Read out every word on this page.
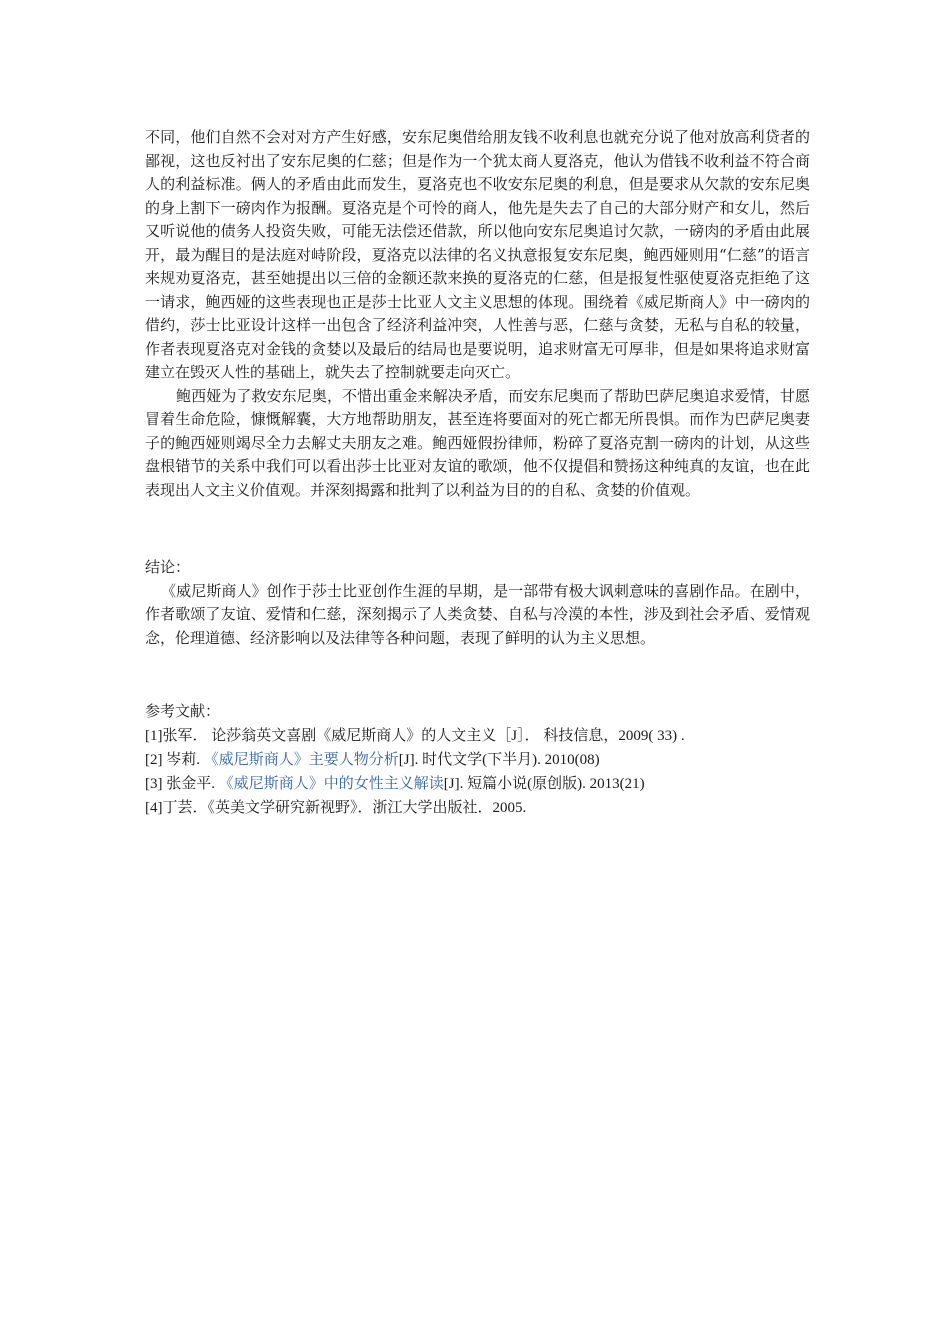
不同，他们自然不会对对方产生好感，安东尼奥借给朋友钱不收利息也就充分说了他对放高利贷者的鄙视，这也反衬出了安东尼奥的仁慈；但是作为一个犹太商人夏洛克，他认为借钱不收利益不符合商人的利益标准。俩人的矛盾由此而发生，夏洛克也不收安东尼奥的利息，但是要求从欠款的安东尼奥的身上割下一磅肉作为报酬。夏洛克是个可怜的商人，他先是失去了自己的大部分财产和女儿，然后又听说他的债务人投资失败，可能无法偿还借款，所以他向安东尼奥追讨欠款，一磅肉的矛盾由此展开，最为醒目的是法庭对峙阶段，夏洛克以法律的名义执意报复安东尼奥，鲍西娅则用“仁慈”的语言来规劝夏洛克，甚至她提出以三倍的金额还款来换的夏洛克的仁慈，但是报复性驱使夏洛克拒绝了这一请求，鲍西娅的这些表现也正是莎士比亚人文主义思想的体现。围绕着《威尼斯商人》中一磅肉的借约，莎士比亚设计这样一出包含了经济利益冲突，人性善与恶，仁慈与贪婪，无私与自私的较量，作者表现夏洛克对金钱的贪婪以及最后的结局也是要说明，追求财富无可厚非，但是如果将追求财富建立在毁灭人性的基础上，就失去了控制就要走向灭亡。

鲍西娅为了救安东尼奥，不惜出重金来解决矛盾，而安东尼奥而了帮助巴萨尼奥追求爱情，甘愿冒着生命危险，慷慨解囊，大方地帮助朋友，甚至连将要面对的死亡都无所畏惧。而作为巴萨尼奥妻子的鲍西娅则竭尽全力去解丈夫朋友之难。鲍西娅假扮律师，粉碎了夏洛克割一磅肉的计划，从这些盘根错节的关系中我们可以看出莎士比亚对友谊的歌颂，他不仅提倡和赞扬这种纯真的友谊，也在此表现出人文主义价值观。并深刻揭露和批判了以利益为目的的自私、贪婪的价值观。

结论：

《威尼斯商人》创作于莎士比亚创作生涯的早期，是一部带有极大讽刺意味的喜剧作品。在剧中，作者歌颂了友谊、爱情和仁慈，深刻揭示了人类贪婪、自私与冷漠的本性，涉及到社会矛盾、爱情观念，伦理道德、经济影响以及法律等各种问题，表现了鲜明的认为主义思想。

参考文献：

[1]张军． 论莎翁英文喜剧《威尼斯商人》的人文主义［J］． 科技信息，2009( 33) .
[2] 岑莉. 《威尼斯商人》主要人物分析[J]. 时代文学(下半月). 2010(08)
[3] 张金平. 《威尼斯商人》中的女性主义解读[J]. 短篇小说(原创版). 2013(21)
[4]丁芸．《英美文学研究新视野》．浙江大学出版社．2005.
